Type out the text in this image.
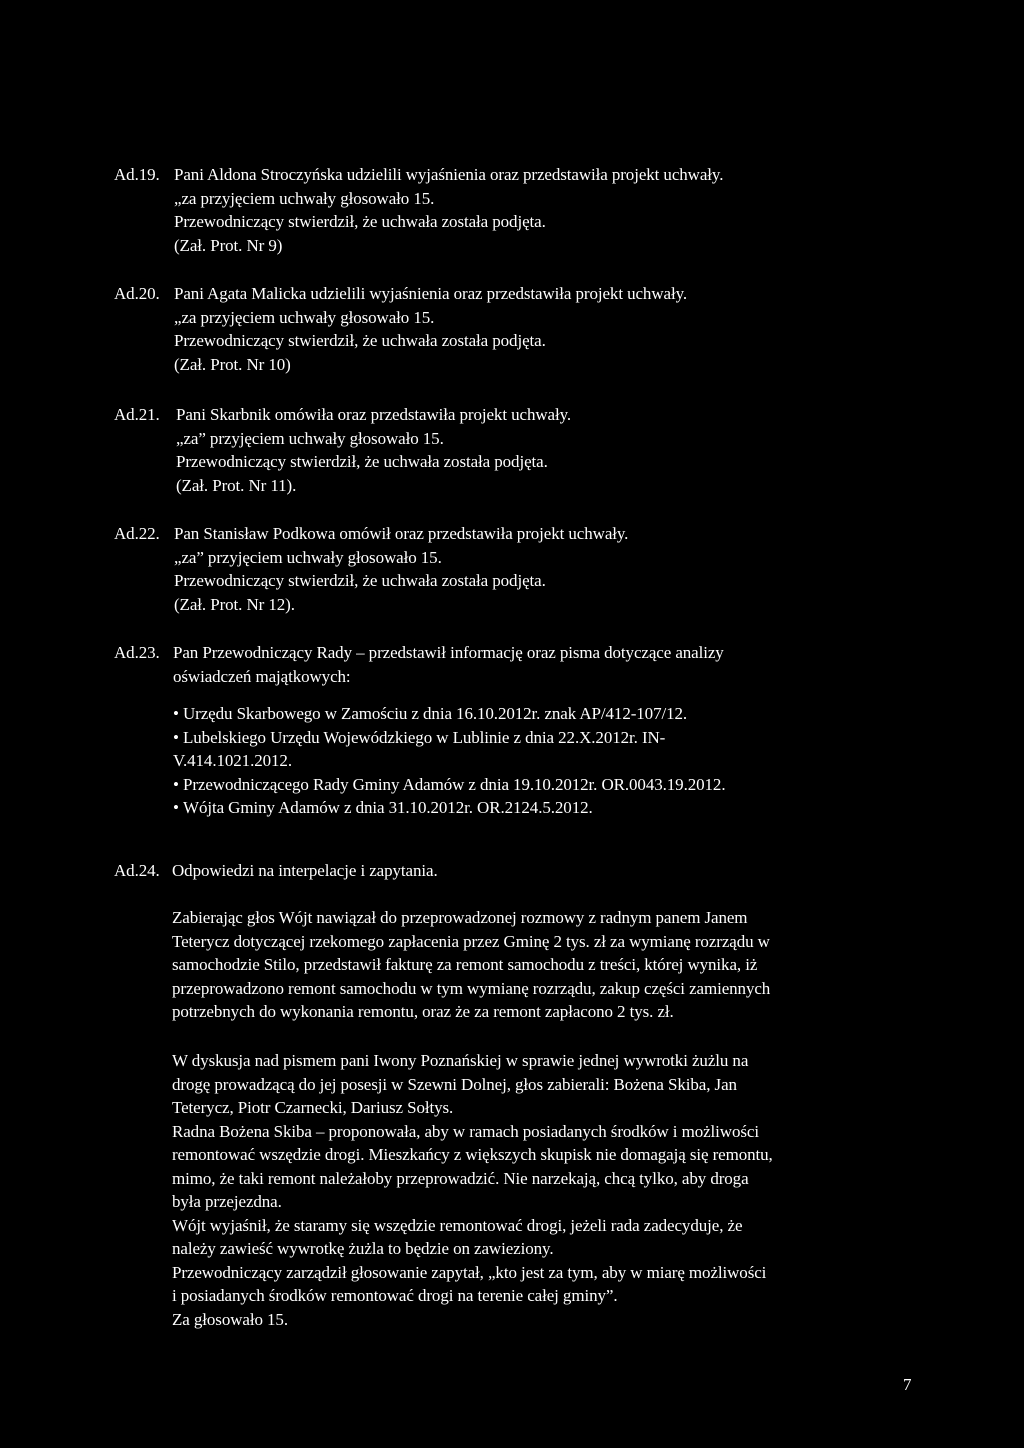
Ad.19. Pani Aldona Stroczyńska udzielili wyjaśnienia oraz przedstawiła projekt uchwały.
„za przyjęciem uchwały głosowało 15.
Przewodniczący stwierdził, że uchwała została podjęta.
(Zał. Prot. Nr 9)
Ad.20. Pani Agata Malicka udzielili wyjaśnienia oraz przedstawiła projekt uchwały.
„za przyjęciem uchwały głosowało 15.
Przewodniczący stwierdził, że uchwała została podjęta.
(Zał. Prot. Nr 10)
Ad.21. Pani Skarbnik omówiła oraz przedstawiła projekt uchwały.
„za” przyjęciem uchwały głosowało 15.
Przewodniczący stwierdził, że uchwała została podjęta.
(Zał. Prot. Nr 11).
Ad.22. Pan Stanisław Podkowa omówił oraz przedstawiła projekt uchwały.
„za” przyjęciem uchwały głosowało 15.
Przewodniczący stwierdził, że uchwała została podjęta.
(Zał. Prot. Nr 12).
Ad.23. Pan Przewodniczący Rady – przedstawił informację oraz pisma dotyczące analizy
oświadczeń majątkowych:
• Urzędu Skarbowego w Zamościu z dnia 16.10.2012r. znak AP/412-107/12.
• Lubelskiego Urzędu Wojewódzkiego w Lublinie z dnia 22.X.2012r. IN-
V.414.1021.2012.
• Przewodniczącego Rady Gminy Adamów z dnia 19.10.2012r. OR.0043.19.2012.
• Wójta Gminy Adamów z dnia 31.10.2012r. OR.2124.5.2012.
Ad.24. Odpowiedzi na interpelacje i zapytania.
Zabierając głos Wójt nawiązał do przeprowadzonej rozmowy z radnym panem Janem
Teterycz dotyczącej rzekomego zapłacenia przez Gminę 2 tys. zł za wymianę rozrządu w
samochodzie Stilo, przedstawił fakturę za remont samochodu z treści, której wynika, iż
przeprowadzono remont samochodu w tym wymianę rozrządu, zakup części zamiennych
potrzebnych do wykonania remontu, oraz że za remont zapłacono 2 tys. zł.
W dyskusja nad pismem pani Iwony Poznańskiej w sprawie jednej wywrotki żużlu na
drogę prowadzącą do jej posesji w Szewni Dolnej, głos zabierali: Bożena Skiba, Jan
Teterycz, Piotr Czarnecki, Dariusz Sołtys.
Radna Bożena Skiba – proponowała, aby w ramach posiadanych środków i możliwości
remontować wszędzie drogi. Mieszkańcy z większych skupisk nie domagają się remontu,
mimo, że taki remont należałoby przeprowadzić. Nie narzekają, chcą tylko, aby droga
była przejezdna.
Wójt wyjaśnił, że staramy się wszędzie remontować drogi, jeżeli rada zadecyduje, że
należy zawieść wywrotkę żużla to będzie on zawieziony.
Przewodniczący zarządził głosowanie zapytał, „kto jest za tym, aby w miarę możliwości
i posiadanych środków remontować drogi na terenie całej gminy”.
Za głosowało 15.
7
